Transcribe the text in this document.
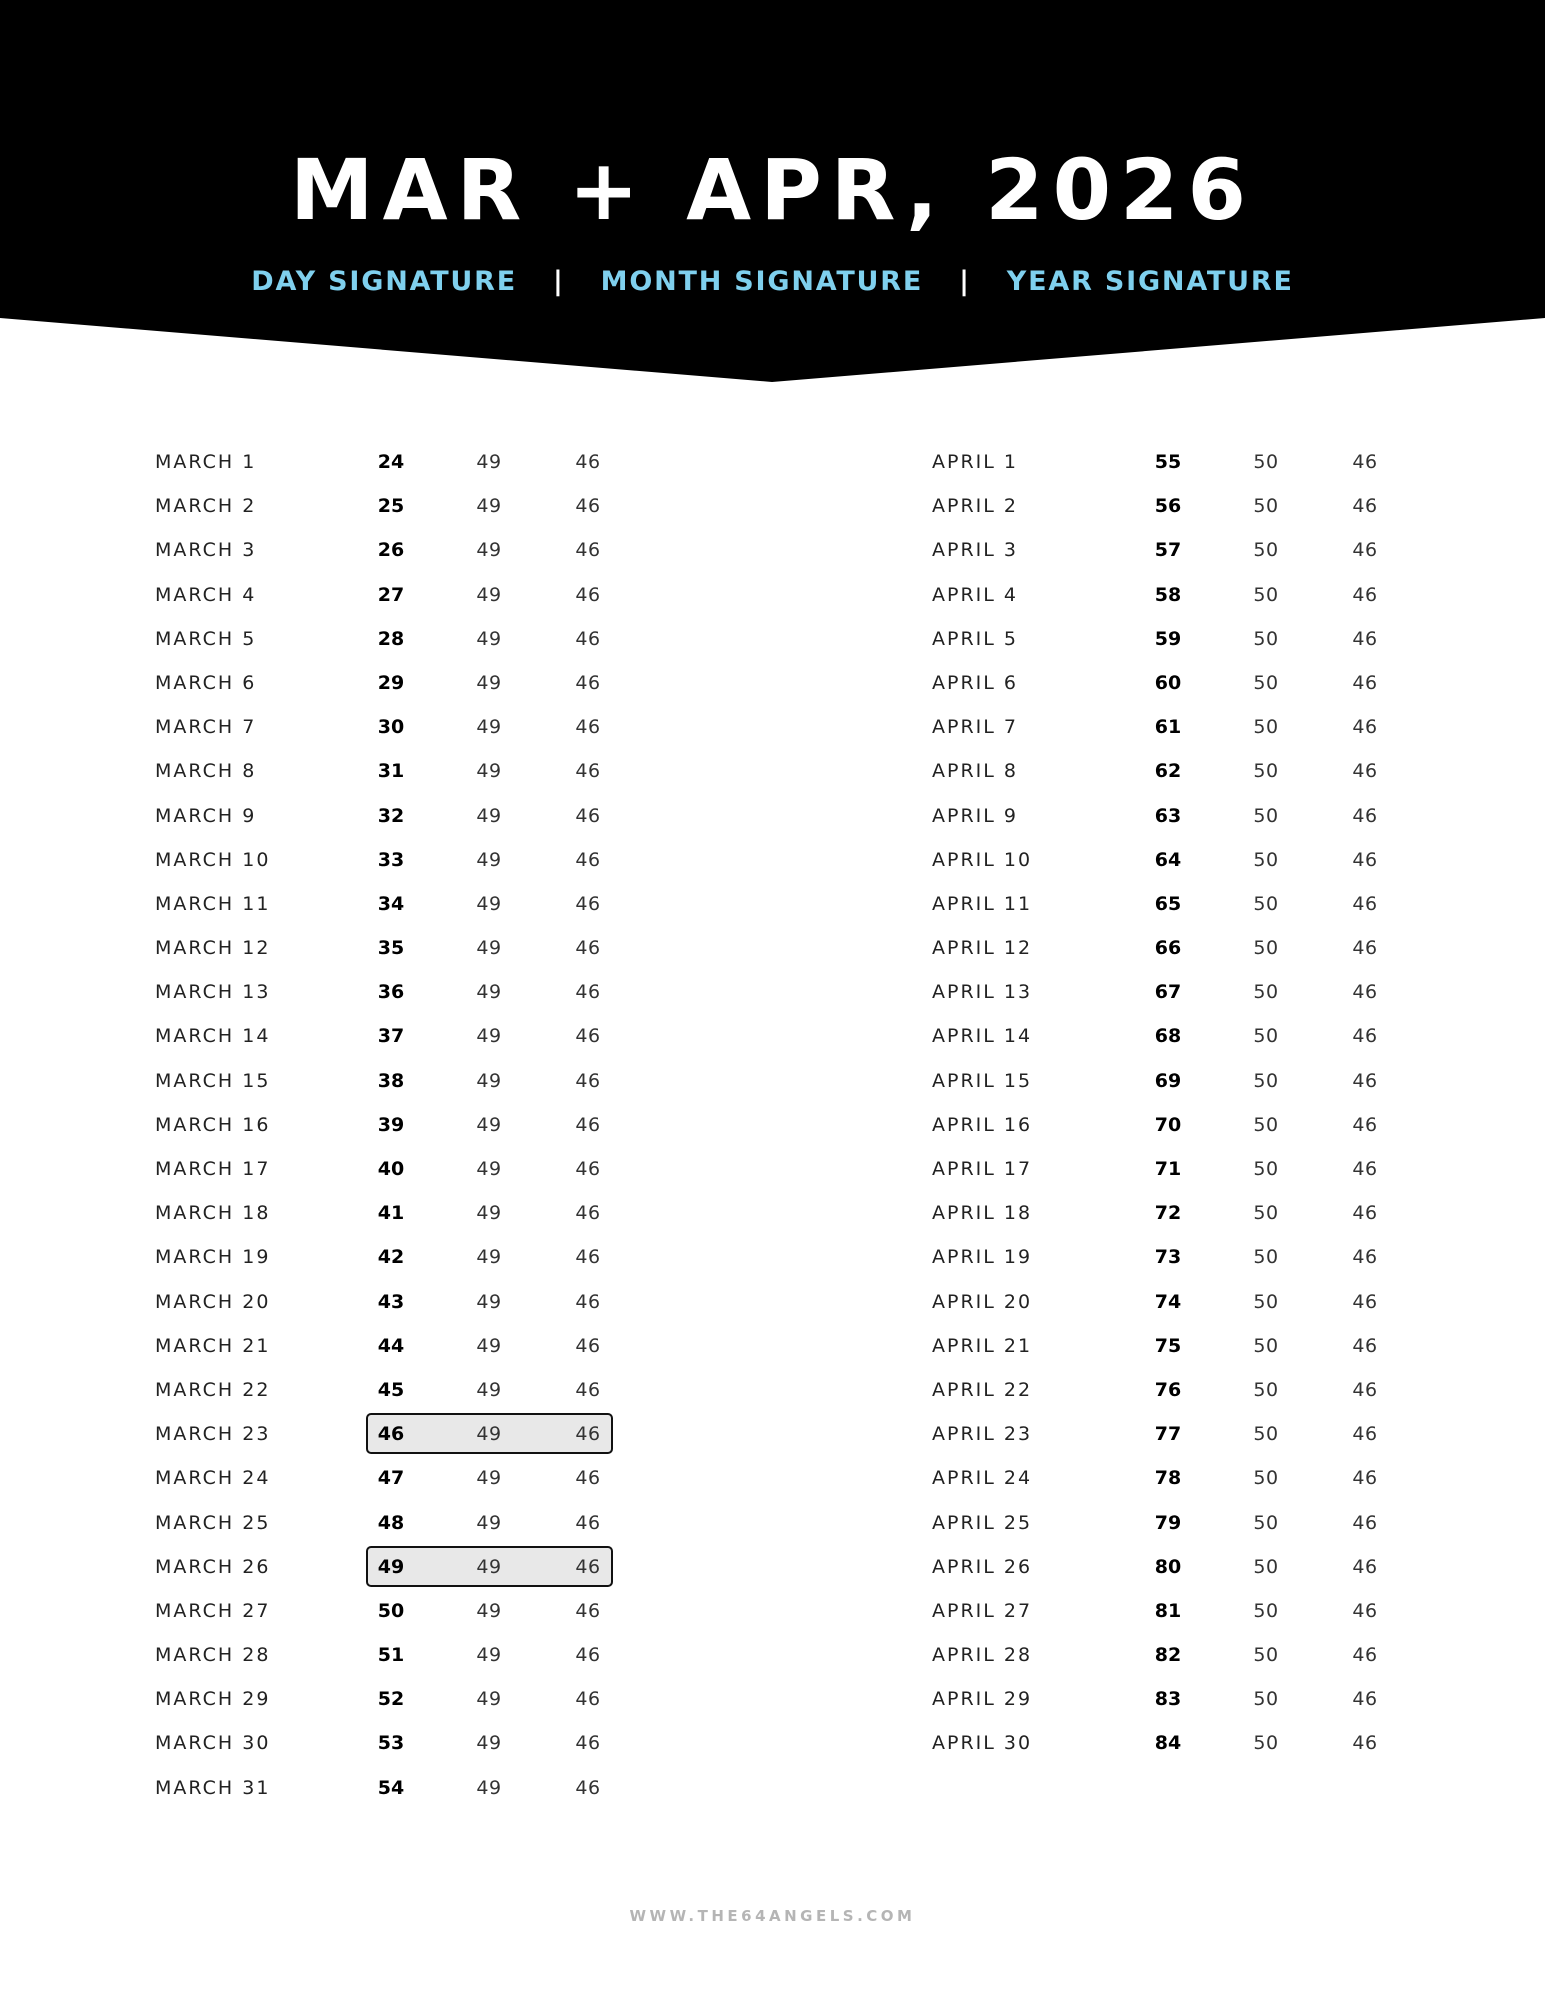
MAR + APR, 2026
DAY SIGNATURE | MONTH SIGNATURE | YEAR SIGNATURE
MARCH 1	24	49	46
MARCH 2	25	49	46
MARCH 3	26	49	46
MARCH 4	27	49	46
MARCH 5	28	49	46
MARCH 6	29	49	46
MARCH 7	30	49	46
MARCH 8	31	49	46
MARCH 9	32	49	46
MARCH 10	33	49	46
MARCH 11	34	49	46
MARCH 12	35	49	46
MARCH 13	36	49	46
MARCH 14	37	49	46
MARCH 15	38	49	46
MARCH 16	39	49	46
MARCH 17	40	49	46
MARCH 18	41	49	46
MARCH 19	42	49	46
MARCH 20	43	49	46
MARCH 21	44	49	46
MARCH 22	45	49	46
MARCH 23	46	49	46
MARCH 24	47	49	46
MARCH 25	48	49	46
MARCH 26	49	49	46
MARCH 27	50	49	46
MARCH 28	51	49	46
MARCH 29	52	49	46
MARCH 30	53	49	46
MARCH 31	54	49	46
APRIL 1	55	50	46
APRIL 2	56	50	46
APRIL 3	57	50	46
APRIL 4	58	50	46
APRIL 5	59	50	46
APRIL 6	60	50	46
APRIL 7	61	50	46
APRIL 8	62	50	46
APRIL 9	63	50	46
APRIL 10	64	50	46
APRIL 11	65	50	46
APRIL 12	66	50	46
APRIL 13	67	50	46
APRIL 14	68	50	46
APRIL 15	69	50	46
APRIL 16	70	50	46
APRIL 17	71	50	46
APRIL 18	72	50	46
APRIL 19	73	50	46
APRIL 20	74	50	46
APRIL 21	75	50	46
APRIL 22	76	50	46
APRIL 23	77	50	46
APRIL 24	78	50	46
APRIL 25	79	50	46
APRIL 26	80	50	46
APRIL 27	81	50	46
APRIL 28	82	50	46
APRIL 29	83	50	46
APRIL 30	84	50	46
WWW.THE64ANGELS.COM
